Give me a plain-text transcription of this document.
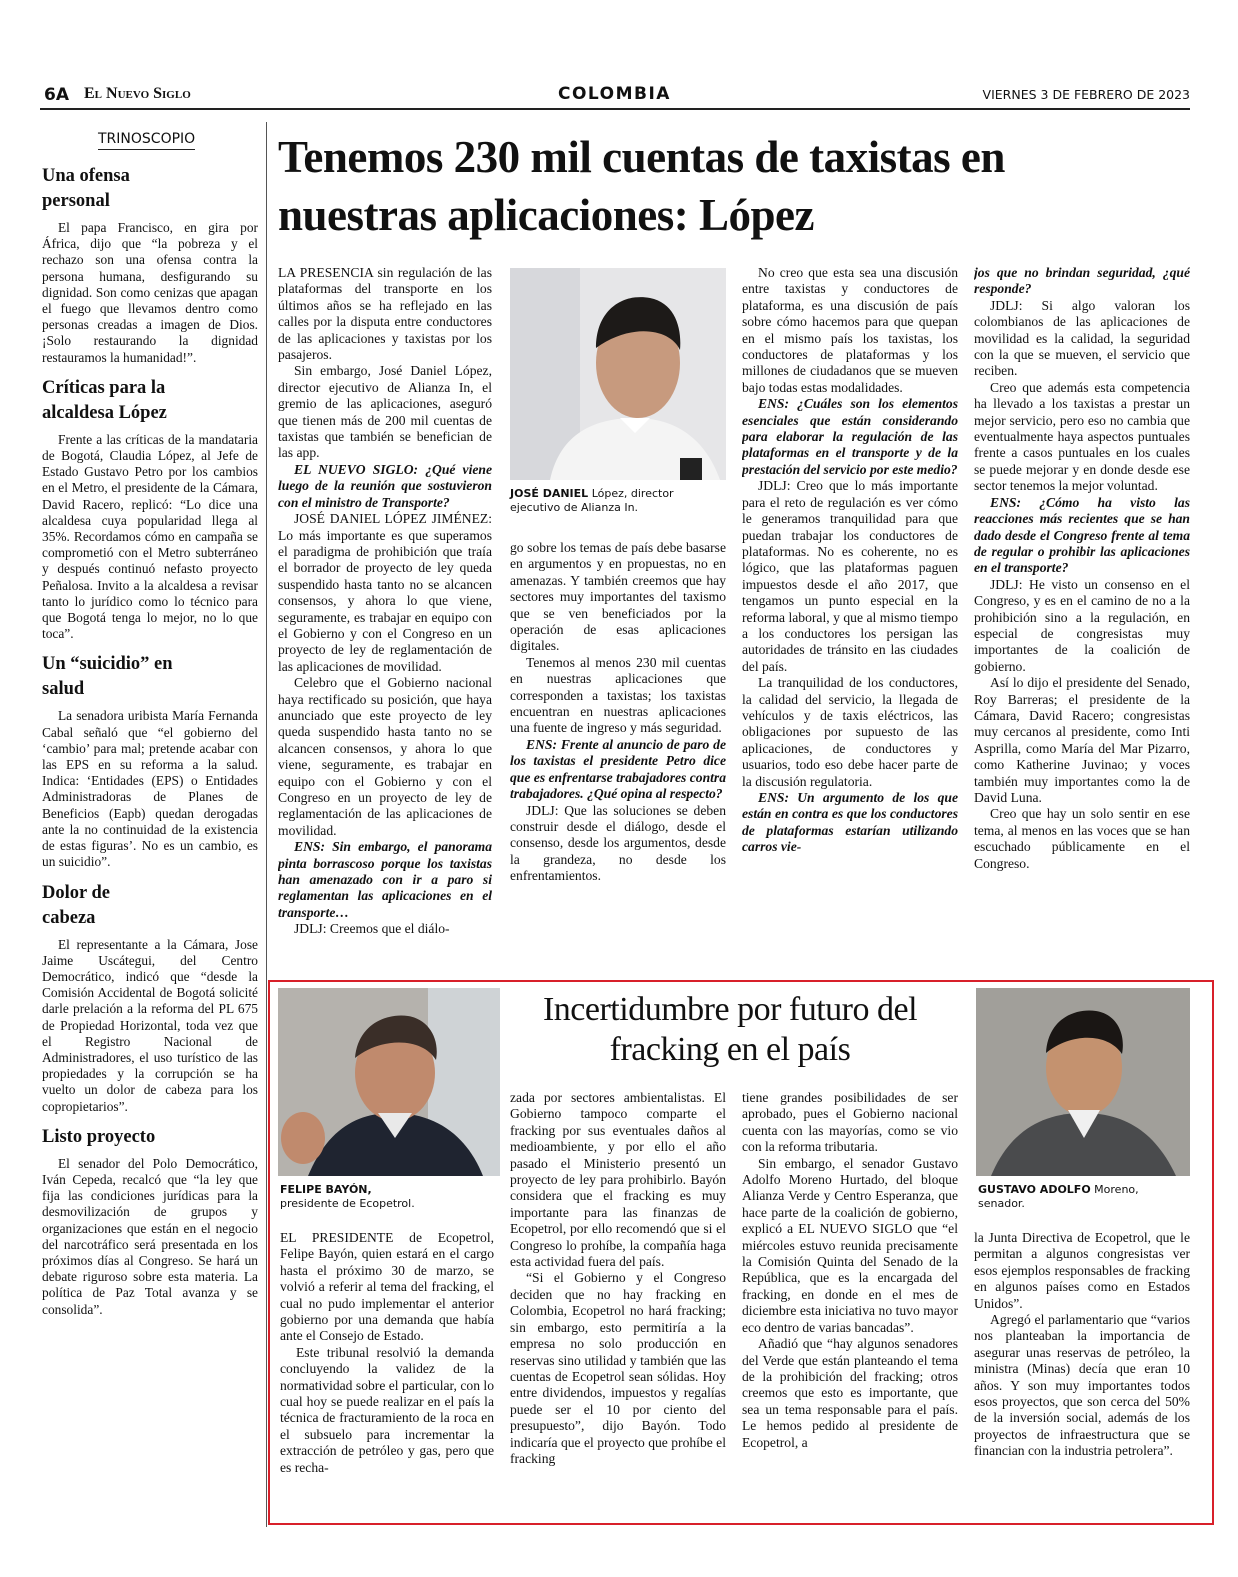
6A El Nuevo Siglo	COLOMBIA	VIERNES 3 DE FEBRERO DE 2023
TRINOSCOPIO
Una ofensa personal

El papa Francisco, en gira por África, dijo que “la pobreza y el rechazo son una ofensa contra la persona humana, desfigurando su dignidad. Son como cenizas que apagan el fuego que llevamos dentro como personas creadas a imagen de Dios. ¡Solo restaurando la dignidad restauramos la humanidad!”.

Críticas para la alcaldesa López

Frente a las críticas de la mandataria de Bogotá, Claudia López, al Jefe de Estado Gustavo Petro por los cambios en el Metro, el presidente de la Cámara, David Racero, replicó: “Lo dice una alcaldesa cuya popularidad llega al 35%. Recordamos cómo en campaña se comprometió con el Metro subterráneo y después continuó nefasto proyecto Peñalosa. Invito a la alcaldesa a revisar tanto lo jurídico como lo técnico para que Bogotá tenga lo mejor, no lo que toca”.

Un “suicidio” en salud

La senadora uribista María Fernanda Cabal señaló que “el gobierno del ‘cambio’ para mal; pretende acabar con las EPS en su reforma a la salud. Indica: ‘Entidades (EPS) o Entidades Administradoras de Planes de Beneficios (Eapb) quedan derogadas ante la no continuidad de la existencia de estas figuras’. No es un cambio, es un suicidio”.

Dolor de cabeza

El representante a la Cámara, Jose Jaime Uscátegui, del Centro Democrático, indicó que “desde la Comisión Accidental de Bogotá solicité darle prelación a la reforma del PL 675 de Propiedad Horizontal, toda vez que el Registro Nacional de Administradores, el uso turístico de las propiedades y la corrupción se ha vuelto un dolor de cabeza para los copropietarios”.

Listo proyecto

El senador del Polo Democrático, Iván Cepeda, recalcó que “la ley que fija las condiciones jurídicas para la desmovilización de grupos y organizaciones que están en el negocio del narcotráfico será presentada en los próximos días al Congreso. Se hará un debate riguroso sobre esta materia. La política de Paz Total avanza y se consolida”.

Tenemos 230 mil cuentas de taxistas en nuestras aplicaciones: López

LA PRESENCIA sin regulación de las plataformas del transporte en los últimos años se ha reflejado en las calles por la disputa entre conductores de las aplicaciones y taxistas por los pasajeros.

Sin embargo, José Daniel López, director ejecutivo de Alianza In, el gremio de las aplicaciones, aseguró que tienen más de 200 mil cuentas de taxistas que también se benefician de las app.

EL NUEVO SIGLO: ¿Qué viene luego de la reunión que sostuvieron con el ministro de Transporte?

JOSÉ DANIEL LÓPEZ JIMÉNEZ: Lo más importante es que superamos el paradigma de prohibición que traía el borrador de proyecto de ley queda suspendido hasta tanto no se alcancen consensos, y ahora lo que viene, seguramente, es trabajar en equipo con el Gobierno y con el Congreso en un proyecto de ley de reglamentación de las aplicaciones de movilidad.

Celebro que el Gobierno nacional haya rectificado su posición, que haya anunciado que este proyecto de ley queda suspendido hasta tanto no se alcancen consensos, y ahora lo que viene, seguramente, es trabajar en equipo con el Gobierno y con el Congreso en un proyecto de ley de reglamentación de las aplicaciones de movilidad.

ENS: Sin embargo, el panorama pinta borrascoso porque los taxistas han amenazado con ir a paro si reglamentan las aplicaciones en el transporte…

JDLJ: Creemos que el diálo-

JOSÉ DANIEL López, director ejecutivo de Alianza In.

go sobre los temas de país debe basarse en argumentos y en propuestas, no en amenazas. Y también creemos que hay sectores muy importantes del taxismo que se ven beneficiados por la operación de esas aplicaciones digitales.

Tenemos al menos 230 mil cuentas en nuestras aplicaciones que corresponden a taxistas; los taxistas encuentran en nuestras aplicaciones una fuente de ingreso y más seguridad.

ENS: Frente al anuncio de paro de los taxistas el presidente Petro dice que es enfrentarse trabajadores contra trabajadores. ¿Qué opina al respecto?

JDLJ: Que las soluciones se deben construir desde el diálogo, desde el consenso, desde los argumentos, desde la grandeza, no desde los enfrentamientos.

No creo que esta sea una discusión entre taxistas y conductores de plataforma, es una discusión de país sobre cómo hacemos para que quepan en el mismo país los taxistas, los conductores de plataformas y los millones de ciudadanos que se mueven bajo todas estas modalidades.

ENS: ¿Cuáles son los elementos esenciales que están considerando para elaborar la regulación de las plataformas en el transporte y de la prestación del servicio por este medio?

JDLJ: Creo que lo más importante para el reto de regulación es ver cómo le generamos tranquilidad para que puedan trabajar los conductores de plataformas. No es coherente, no es lógico, que las plataformas paguen impuestos desde el año 2017, que tengamos un punto especial en la reforma laboral, y que al mismo tiempo a los conductores los persigan las autoridades de tránsito en las ciudades del país.

La tranquilidad de los conductores, la calidad del servicio, la llegada de vehículos y de taxis eléctricos, las obligaciones por supuesto de las aplicaciones, de conductores y usuarios, todo eso debe hacer parte de la discusión regulatoria.

ENS: Un argumento de los que están en contra es que los conductores de plataformas estarían utilizando carros vie-

jos que no brindan seguridad, ¿qué responde?

JDLJ: Si algo valoran los colombianos de las aplicaciones de movilidad es la calidad, la seguridad con la que se mueven, el servicio que reciben.

Creo que además esta competencia ha llevado a los taxistas a prestar un mejor servicio, pero eso no cambia que eventualmente haya aspectos puntuales frente a casos puntuales en los cuales se puede mejorar y en donde desde ese sector tenemos la mejor voluntad.

ENS: ¿Cómo ha visto las reacciones más recientes que se han dado desde el Congreso frente al tema de regular o prohibir las aplicaciones en el transporte?

JDLJ: He visto un consenso en el Congreso, y es en el camino de no a la prohibición sino a la regulación, en especial de congresistas muy importantes de la coalición de gobierno.

Así lo dijo el presidente del Senado, Roy Barreras; el presidente de la Cámara, David Racero; congresistas muy cercanos al presidente, como Inti Asprilla, como María del Mar Pizarro, como Katherine Juvinao; y voces también muy importantes como la de David Luna.

Creo que hay un solo sentir en ese tema, al menos en las voces que se han escuchado públicamente en el Congreso.

Incertidumbre por futuro del fracking en el país
FELIPE BAYÓN,
presidente de Ecopetrol.
GUSTAVO ADOLFO Moreno, senador.

EL PRESIDENTE de Ecopetrol, Felipe Bayón, quien estará en el cargo hasta el próximo 30 de marzo, se volvió a referir al tema del fracking, el cual no pudo implementar el anterior gobierno por una demanda que había ante el Consejo de Estado.

Este tribunal resolvió la demanda concluyendo la validez de la normatividad sobre el particular, con lo cual hoy se puede realizar en el país la técnica de fracturamiento de la roca en el subsuelo para incrementar la extracción de petróleo y gas, pero que es recha-

zada por sectores ambientalistas. El Gobierno tampoco comparte el fracking por sus eventuales daños al medioambiente, y por ello el año pasado el Ministerio presentó un proyecto de ley para prohibirlo. Bayón considera que el fracking es muy importante para las finanzas de Ecopetrol, por ello recomendó que si el Congreso lo prohíbe, la compañía haga esta actividad fuera del país.

“Si el Gobierno y el Congreso deciden que no hay fracking en Colombia, Ecopetrol no hará fracking; sin embargo, esto permitiría a la empresa no solo producción en reservas sino utilidad y también que las cuentas de Ecopetrol sean sólidas. Hoy entre dividendos, impuestos y regalías puede ser el 10 por ciento del presupuesto”, dijo Bayón. Todo indicaría que el proyecto que prohíbe el fracking

tiene grandes posibilidades de ser aprobado, pues el Gobierno nacional cuenta con las mayorías, como se vio con la reforma tributaria.

Sin embargo, el senador Gustavo Adolfo Moreno Hurtado, del bloque Alianza Verde y Centro Esperanza, que hace parte de la coalición de gobierno, explicó a EL NUEVO SIGLO que “el miércoles estuvo reunida precisamente la Comisión Quinta del Senado de la República, que es la encargada del fracking, en donde en el mes de diciembre esta iniciativa no tuvo mayor eco dentro de varias bancadas”.

Añadió que “hay algunos senadores del Verde que están planteando el tema de la prohibición del fracking; otros creemos que esto es importante, que sea un tema responsable para el país. Le hemos pedido al presidente de Ecopetrol, a

la Junta Directiva de Ecopetrol, que le permitan a algunos congresistas ver esos ejemplos responsables de fracking en algunos países como en Estados Unidos”.

Agregó el parlamentario que “varios nos planteaban la importancia de asegurar unas reservas de petróleo, la ministra (Minas) decía que eran 10 años. Y son muy importantes todos esos proyectos, que son cerca del 50% de la inversión social, además de los proyectos de infraestructura que se financian con la industria petrolera”.
